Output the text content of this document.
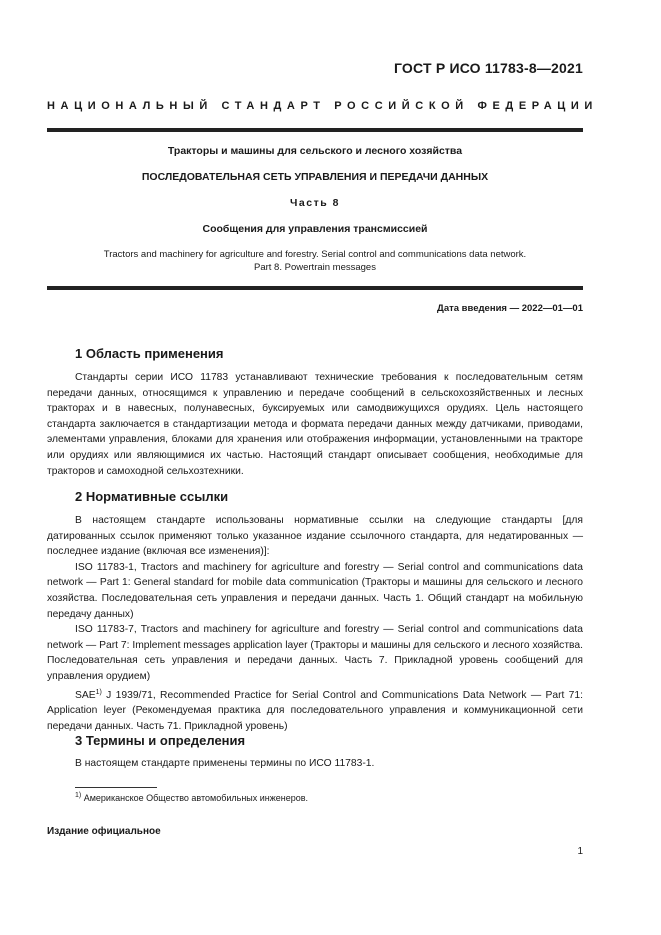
ГОСТ Р ИСО 11783-8—2021
НАЦИОНАЛЬНЫЙ СТАНДАРТ РОССИЙСКОЙ ФЕДЕРАЦИИ
Тракторы и машины для сельского и лесного хозяйства
ПОСЛЕДОВАТЕЛЬНАЯ СЕТЬ УПРАВЛЕНИЯ И ПЕРЕДАЧИ ДАННЫХ
Часть 8
Сообщения для управления трансмиссией
Tractors and machinery for agriculture and forestry. Serial control and communications data network.
Part 8. Powertrain messages
Дата введения — 2022—01—01
1 Область применения

Стандарты серии ИСО 11783 устанавливают технические требования к последовательным сетям передачи данных, относящимся к управлению и передаче сообщений в сельскохозяйственных и лесных тракторах и в навесных, полунавесных, буксируемых или самодвижущихся орудиях. Цель настоящего стандарта заключается в стандартизации метода и формата передачи данных между датчиками, приводами, элементами управления, блоками для хранения или отображения информации, установленными на тракторе или орудиях или являющимися их частью. Настоящий стандарт описывает сообщения, необходимые для тракторов и самоходной сельхозтехники.

2 Нормативные ссылки

В настоящем стандарте использованы нормативные ссылки на следующие стандарты [для датированных ссылок применяют только указанное издание ссылочного стандарта, для недатированных — последнее издание (включая все изменения)]:

ISO 11783-1, Tractors and machinery for agriculture and forestry — Serial control and communications data network — Part 1: General standard for mobile data communication (Тракторы и машины для сельского и лесного хозяйства. Последовательная сеть управления и передачи данных. Часть 1. Общий стандарт на мобильную передачу данных)

ISO 11783-7, Tractors and machinery for agriculture and forestry — Serial control and communications data network — Part 7: Implement messages application layer (Тракторы и машины для сельского и лесного хозяйства. Последовательная сеть управления и передачи данных. Часть 7. Прикладной уровень сообщений для управления орудием)

SAE$^{1)}$ J 1939/71, Recommended Practice for Serial Control and Communications Data Network — Part 71: Application leyer (Рекомендуемая практика для последовательного управления и коммуникационной сети передачи данных. Часть 71. Прикладной уровень)

3 Термины и определения

В настоящем стандарте применены термины по ИСО 11783-1.

$^{1)}$ Американское Общество автомобильных инженеров.
Издание официальное
1
